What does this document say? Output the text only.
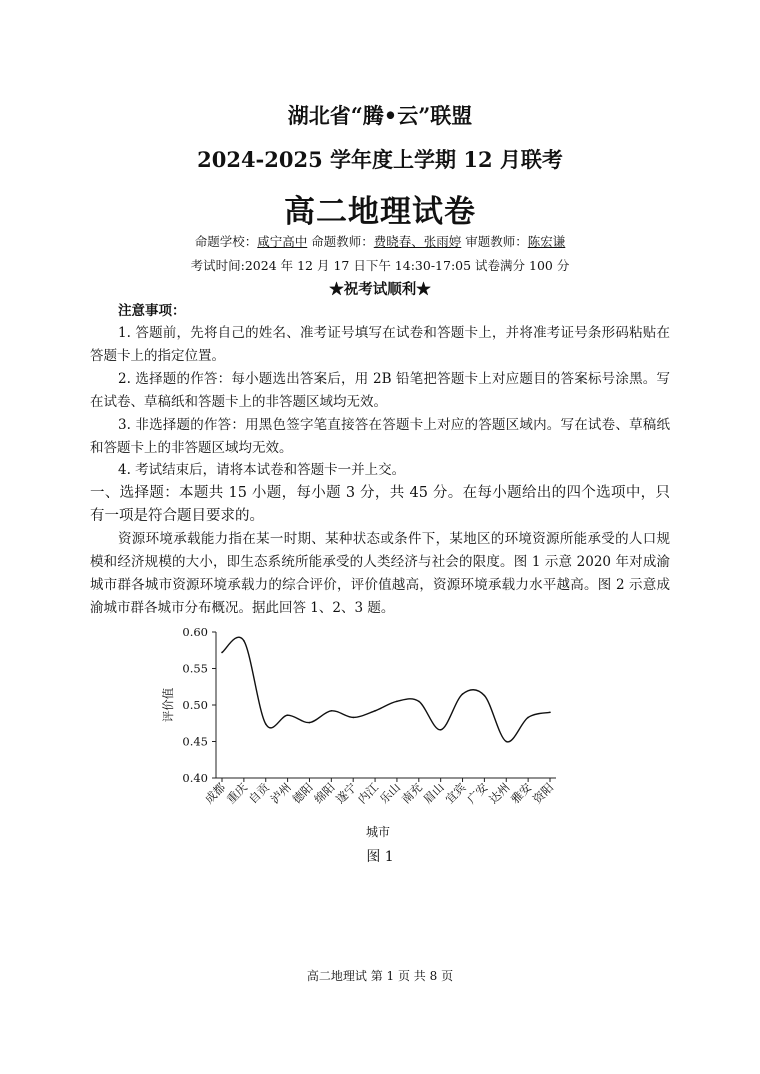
湖北省“腾•云”联盟
2024-2025 学年度上学期 12 月联考
高二地理试卷
命题学校：咸宁高中 命题教师：费晓春、张雨婷 审题教师：陈宏谦
考试时间:2024 年 12 月 17 日下午 14:30-17:05 试卷满分 100 分
★祝考试顺利★
注意事项：
1. 答题前，先将自己的姓名、准考证号填写在试卷和答题卡上，并将准考证号条形码粘贴在答题卡上的指定位置。
2. 选择题的作答：每小题选出答案后，用 2B 铅笔把答题卡上对应题目的答案标号涂黑。写在试卷、草稿纸和答题卡上的非答题区域均无效。
3. 非选择题的作答：用黑色签字笔直接答在答题卡上对应的答题区域内。写在试卷、草稿纸和答题卡上的非答题区域均无效。
4. 考试结束后，请将本试卷和答题卡一并上交。
一、选择题：本题共 15 小题，每小题 3 分，共 45 分。在每小题给出的四个选项中，只有一项是符合题目要求的。
资源环境承载能力指在某一时期、某种状态或条件下，某地区的环境资源所能承受的人口规模和经济规模的大小，即生态系统所能承受的人类经济与社会的限度。图 1 示意 2020 年对成渝城市群各城市资源环境承载力的综合评价，评价值越高，资源环境承载力水平越高。图 2 示意成渝城市群各城市分布概况。据此回答 1、2、3 题。
0.40
0.45
0.50
0.55
0.60
评价值
成都
重庆
自贡
泸州
德阳
绵阳
遂宁
内江
乐山
南充
眉山
宜宾
广安
达州
雅安
资阳
城市
图 1
高二地理试 第 1 页 共 8 页
